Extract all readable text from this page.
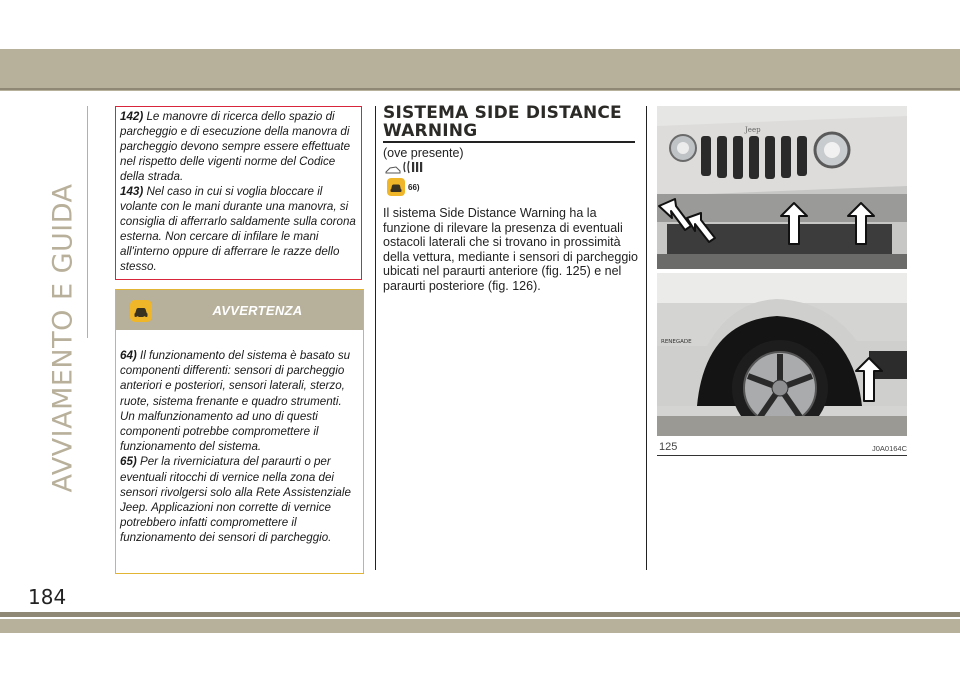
AVVIAMENTO E GUIDA

142) Le manovre di ricerca dello spazio di parcheggio e di esecuzione della manovra di parcheggio devono sempre essere effettuate nel rispetto delle vigenti norme del Codice della strada.

143) Nel caso in cui si voglia bloccare il volante con le mani durante una manovra, si consiglia di afferrarlo saldamente sulla corona esterna. Non cercare di infilare le mani all'interno oppure di afferrare le razze dello stesso.

AVVERTENZA

64) Il funzionamento del sistema è basato su componenti differenti: sensori di parcheggio anteriori e posteriori, sensori laterali, sterzo, ruote, sistema frenante e quadro strumenti. Un malfunzionamento ad uno di questi componenti potrebbe compromettere il funzionamento del sistema.

65) Per la riverniciatura del paraurti o per eventuali ritocchi di vernice nella zona dei sensori rivolgersi solo alla Rete Assistenziale Jeep. Applicazioni non corrette di vernice potrebbero infatti compromettere il funzionamento dei sensori di parcheggio.

SISTEMA SIDE DISTANCE
WARNING
(ove presente)
66)

Il sistema Side Distance Warning ha la funzione di rilevare la presenza di eventuali ostacoli laterali che si trovano in prossimità della vettura, mediante i sensori di parcheggio ubicati nel paraurti anteriore (fig. 125) e nel paraurti posteriore (fig. 126).

Jeep
RENEGADE
125	J0A0164C
184
